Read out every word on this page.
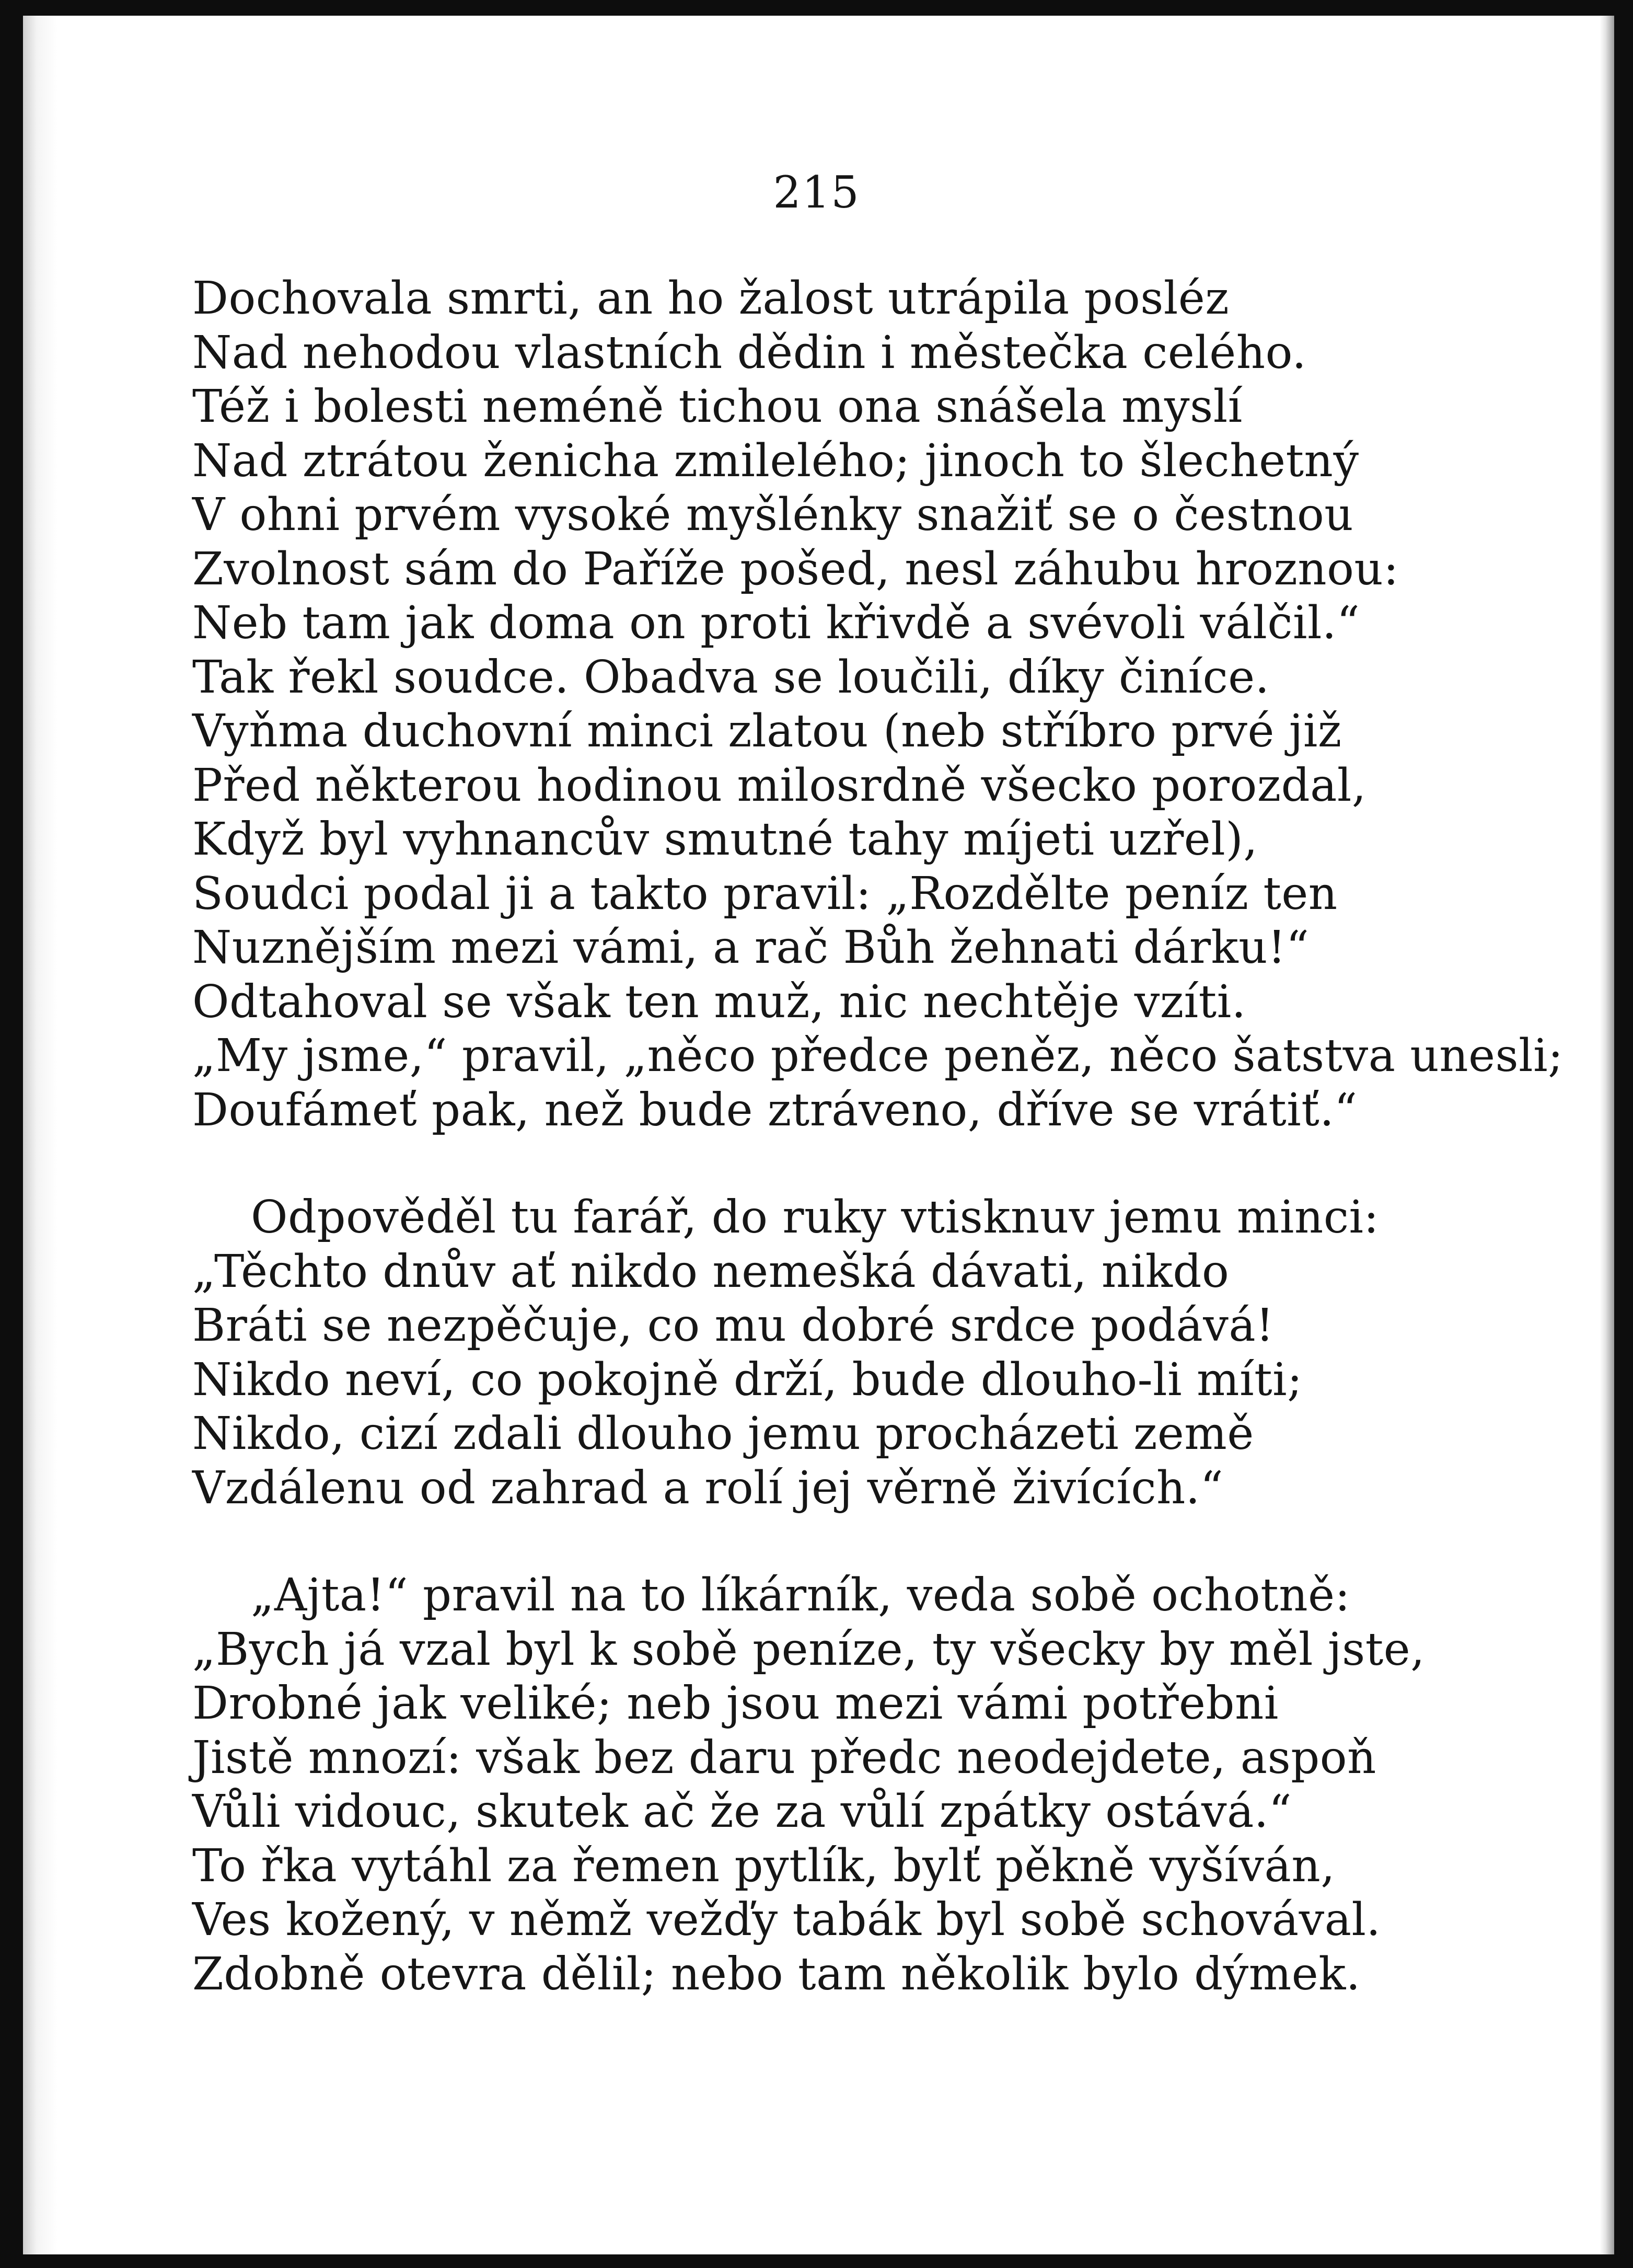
215
Dochovala smrti, an ho žalost utrápila posléz
Nad nehodou vlastních dědin i městečka celého.
Též i bolesti neméně tichou ona snášela myslí
Nad ztrátou ženicha zmilelého; jinoch to šlechetný
V ohni prvém vysoké myšlénky snažiť se o čestnou
Zvolnost sám do Paříže pošed, nesl záhubu hroznou:
Neb tam jak doma on proti křivdě a svévoli válčil.“
Tak řekl soudce. Obadva se loučili, díky činíce.
Vyňma duchovní minci zlatou (neb stříbro prvé již
Před některou hodinou milosrdně všecko porozdal,
Když byl vyhnancův smutné tahy míjeti uzřel),
Soudci podal ji a takto pravil: „Rozdělte peníz ten
Nuznějším mezi vámi, a rač Bůh žehnati dárku!“
Odtahoval se však ten muž, nic nechtěje vzíti.
„My jsme,“ pravil, „něco předce peněz, něco šatstva unesli;
Doufámeť pak, než bude ztráveno, dříve se vrátiť.“
Odpověděl tu farář, do ruky vtisknuv jemu minci:
„Těchto dnův ať nikdo nemešká dávati, nikdo
Bráti se nezpěčuje, co mu dobré srdce podává!
Nikdo neví, co pokojně drží, bude dlouho-li míti;
Nikdo, cizí zdali dlouho jemu procházeti země
Vzdálenu od zahrad a rolí jej věrně živících.“
„Ajta!“ pravil na to líkárník, veda sobě ochotně:
„Bych já vzal byl k sobě peníze, ty všecky by měl jste,
Drobné jak veliké; neb jsou mezi vámi potřebni
Jistě mnozí: však bez daru předc neodejdete, aspoň
Vůli vidouc, skutek ač že za vůlí zpátky ostává.“
To řka vytáhl za řemen pytlík, bylť pěkně vyšíván,
Ves kožený, v němž vežďy tabák byl sobě schovával.
Zdobně otevra dělil; nebo tam několik bylo dýmek.
